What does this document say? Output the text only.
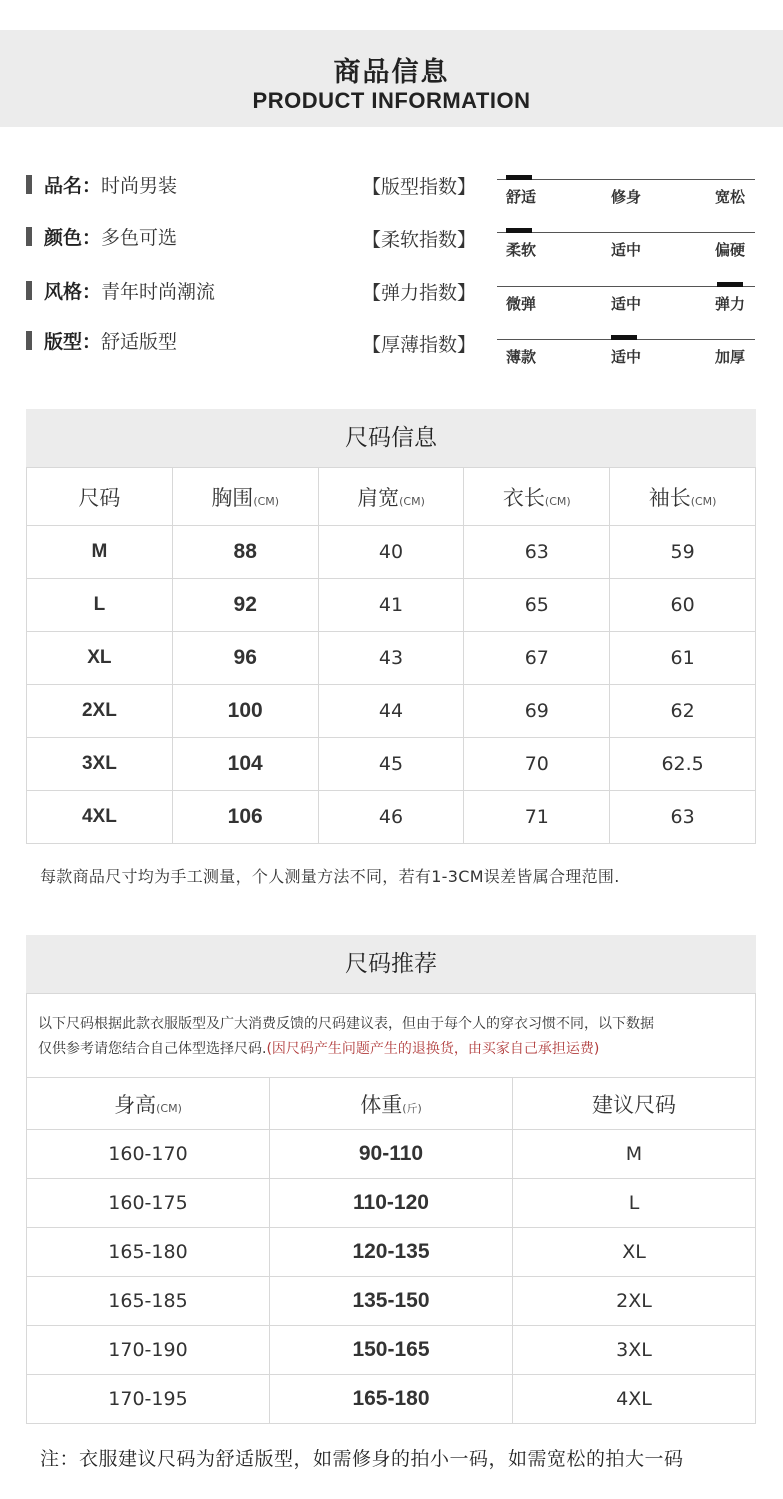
商品信息
PRODUCT INFORMATION
品名： 时尚男装
颜色： 多色可选
风格： 青年时尚潮流
版型： 舒适版型
【版型指数】
【柔软指数】
【弹力指数】
【厚薄指数】
舒适	修身	宽松
柔软	适中	偏硬
微弹	适中	弹力
薄款	适中	加厚
尺码信息
尺码	胸围(CM)	肩宽(CM)	衣长(CM)	袖长(CM)
M	88	40	63	59
L	92	41	65	60
XL	96	43	67	61
2XL	100	44	69	62
3XL	104	45	70	62.5
4XL	106	46	71	63
每款商品尺寸均为手工测量，个人测量方法不同，若有1-3CM误差皆属合理范围.
尺码推荐
以下尺码根据此款衣服版型及广大消费反馈的尺码建议表，但由于每个人的穿衣习惯不同，以下数据
仅供参考请您结合自己体型选择尺码.(因尺码产生问题产生的退换货，由买家自己承担运费)
身高(CM)	体重(斤)	建议尺码
160-170	90-110	M
160-175	110-120	L
165-180	120-135	XL
165-185	135-150	2XL
170-190	150-165	3XL
170-195	165-180	4XL
注：衣服建议尺码为舒适版型，如需修身的拍小一码，如需宽松的拍大一码
